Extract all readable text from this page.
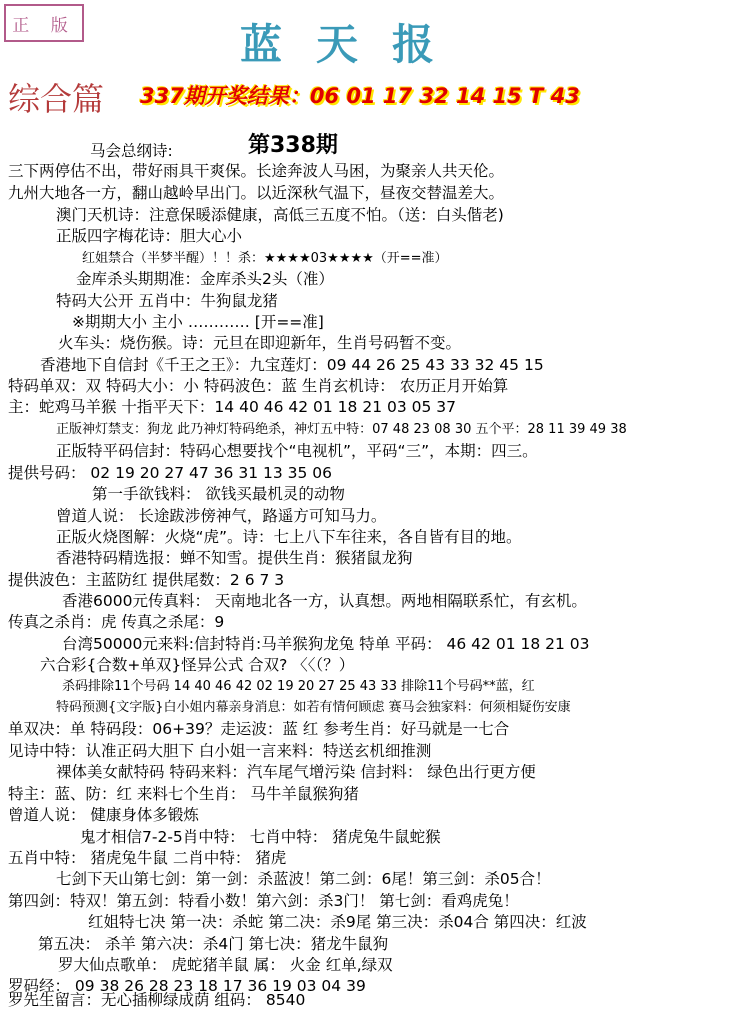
正 版	蓝天报
综合篇 337期开奖结果：06 01 17 32 14 15 T 43
第338期
马会总纲诗:
三下两停估不出，带好雨具干爽保。长途奔波人马困，为聚亲人共天伦。
九州大地各一方，翻山越岭早出门。以近深秋气温下，昼夜交替温差大。
澳门天机诗：注意保暖添健康，高低三五度不怕。（送：白头偕老)
正版四字梅花诗：胆大心小
红姐禁合（半梦半醒）！！杀：★★★★03★★★★（开==准）
金库杀头期期准：金库杀头2头（准）
特码大公开 五肖中：牛狗鼠龙猪
※期期大小 主小 ………… [开==准]
火车头：烧伤猴。诗：元旦在即迎新年，生肖号码暂不变。
香港地下自信封《千王之王》：九宝莲灯：09 44 26 25 43 33 32 45 15
特码单双：双 特码大小：小 特码波色：蓝 生肖玄机诗： 农历正月开始算
主：蛇鸡马羊猴 十指平天下：14 40 46 42 01 18 21 03 05 37
正版神灯禁支：狗龙 此乃神灯特码绝杀，神灯五中特：07 48 23 08 30 五个平：28 11 39 49 38
正版特平码信封：特码心想要找个“电视机”，平码“三”，本期：四三。
提供号码： 02 19 20 27 47 36 31 13 35 06
第一手欲钱料： 欲钱买最机灵的动物
曾道人说： 长途跋涉傍神气，路遥方可知马力。
正版火烧图解：火烧“虎”。诗：七上八下车往来，各自皆有目的地。
香港特码精选报：蝉不知雪。提供生肖：猴猪鼠龙狗
提供波色：主蓝防红 提供尾数：2 6 7 3
香港6000元传真料： 天南地北各一方，认真想。两地相隔联系忙，有玄机。
传真之杀肖：虎 传真之杀尾：9
台湾50000元来料:信封特肖:马羊猴狗龙兔 特单 平码： 46 42 01 18 21 03
六合彩{合数+单双}怪异公式 合双? 〈〈（？）
杀码排除11个号码 14 40 46 42 02 19 20 27 25 43 33 排除11个号码**蓝，红
特码预测{文字版}白小姐内幕亲身消息：如若有情何顾虑 赛马会独家料：何须相疑伤安康
单双决：单 特码段：06+39？走运波：蓝 红 参考生肖：好马就是一七合
见诗中特：认准正码大胆下 白小姐一言来料：特送玄机细推测
裸体美女献特码 特码来料：汽车尾气增污染 信封料： 绿色出行更方便
特主：蓝、防：红 来料七个生肖： 马牛羊鼠猴狗猪
曾道人说： 健康身体多锻炼
鬼才相信7-2-5肖中特： 七肖中特： 猪虎兔牛鼠蛇猴
五肖中特： 猪虎兔牛鼠 二肖中特： 猪虎
七剑下天山第七剑：第一剑：杀蓝波！第二剑：6尾！第三剑：杀05合！
第四剑：特双！第五剑：特看小数！第六剑：杀3门！ 第七剑：看鸡虎兔！
红姐特七决 第一决：杀蛇 第二决：杀9尾 第三决：杀04合 第四决：红波
第五决： 杀羊 第六决：杀4门 第七决：猪龙牛鼠狗
罗大仙点歌单： 虎蛇猪羊鼠 属： 火金 红单,绿双
罗码经： 09 38 26 28 23 18 17 36 19 03 04 39
罗先生留言：无心插柳绿成荫 组码： 8540
